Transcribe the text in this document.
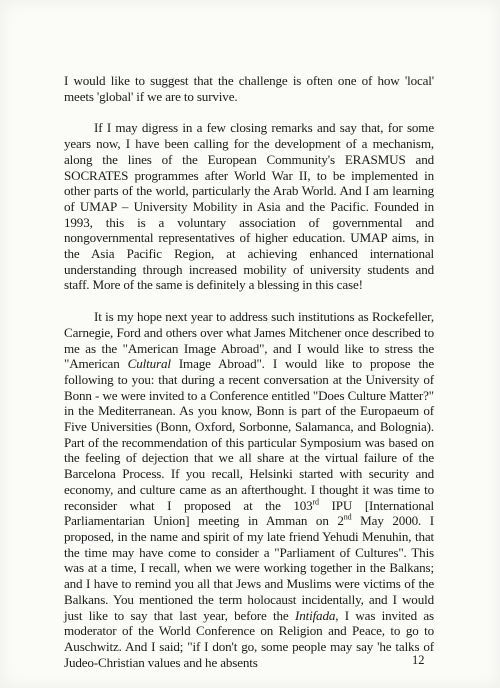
I would like to suggest that the challenge is often one of how 'local' meets 'global' if we are to survive.

If I may digress in a few closing remarks and say that, for some years now, I have been calling for the development of a mechanism, along the lines of the European Community's ERASMUS and SOCRATES programmes after World War II, to be implemented in other parts of the world, particularly the Arab World. And I am learning of UMAP – University Mobility in Asia and the Pacific. Founded in 1993, this is a voluntary association of governmental and nongovernmental representatives of higher education. UMAP aims, in the Asia Pacific Region, at achieving enhanced international understanding through increased mobility of university students and staff. More of the same is definitely a blessing in this case!

It is my hope next year to address such institutions as Rockefeller, Carnegie, Ford and others over what James Mitchener once described to me as the "American Image Abroad", and I would like to stress the "American Cultural Image Abroad". I would like to propose the following to you: that during a recent conversation at the University of Bonn - we were invited to a Conference entitled "Does Culture Matter?" in the Mediterranean. As you know, Bonn is part of the Europaeum of Five Universities (Bonn, Oxford, Sorbonne, Salamanca, and Bolognia). Part of the recommendation of this particular Symposium was based on the feeling of dejection that we all share at the virtual failure of the Barcelona Process. If you recall, Helsinki started with security and economy, and culture came as an afterthought. I thought it was time to reconsider what I proposed at the 103rd IPU [International Parliamentarian Union] meeting in Amman on 2nd May 2000. I proposed, in the name and spirit of my late friend Yehudi Menuhin, that the time may have come to consider a "Parliament of Cultures". This was at a time, I recall, when we were working together in the Balkans; and I have to remind you all that Jews and Muslims were victims of the Balkans. You mentioned the term holocaust incidentally, and I would just like to say that last year, before the Intifada, I was invited as moderator of the World Conference on Religion and Peace, to go to Auschwitz. And I said; "if I don't go, some people may say 'he talks of Judeo-Christian values and he absents	12
